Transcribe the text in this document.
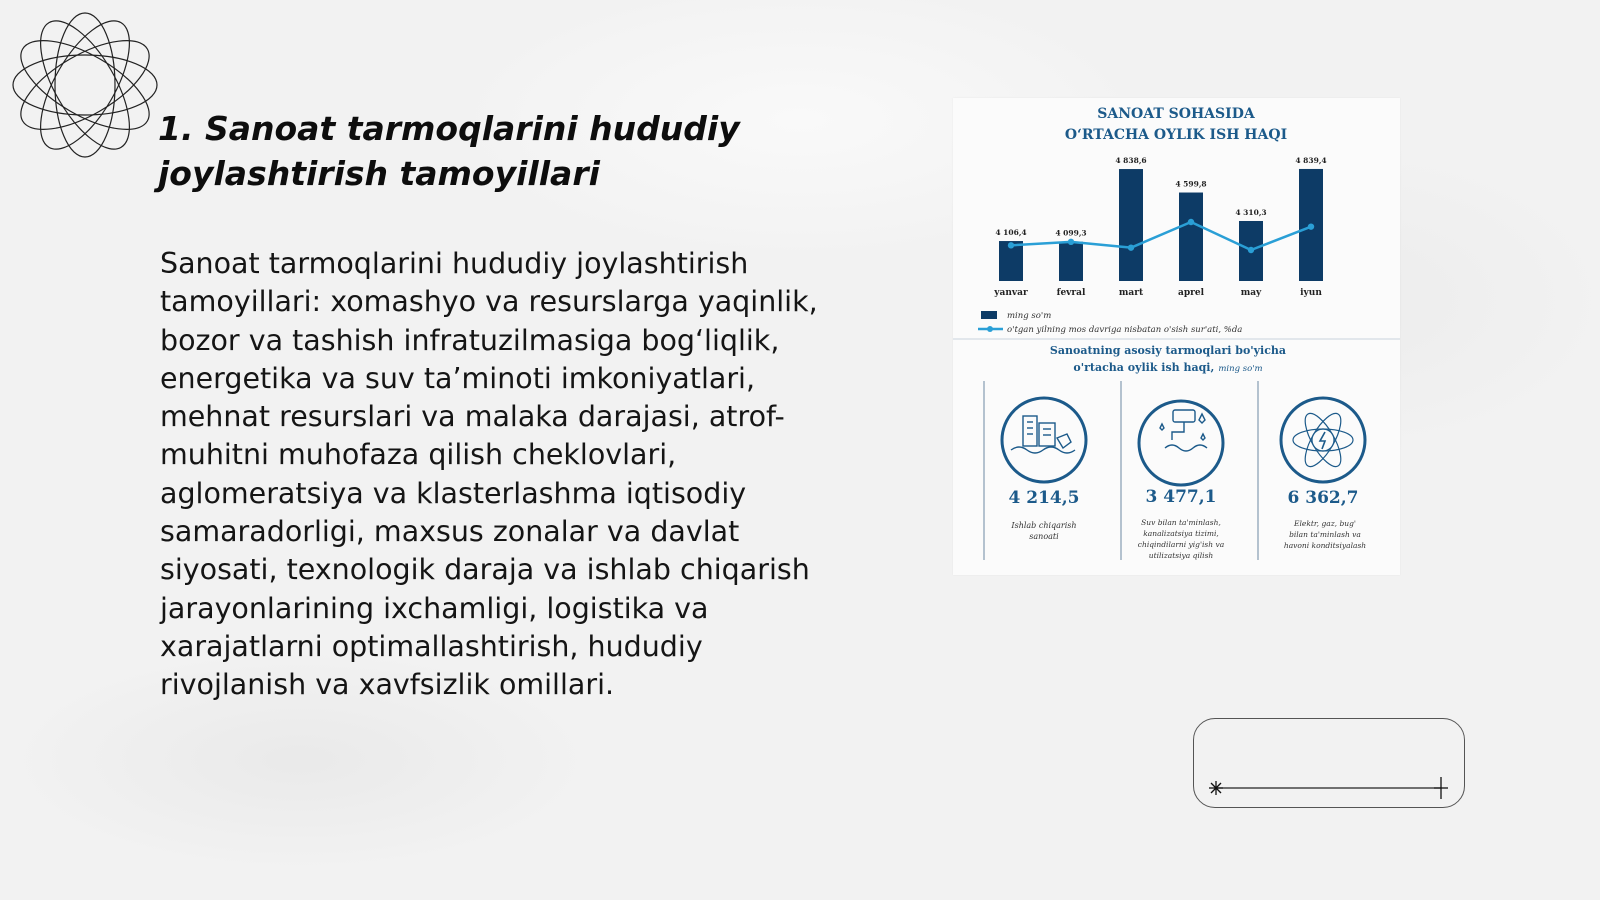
1. Sanoat tarmoqlarini hududiy joylashtirish tamoyillari
Sanoat tarmoqlarini hududiy joylashtirish tamoyillari: xomashyo va resurslarga yaqinlik, bozor va tashish infratuzilmasiga bog‘liqlik, energetika va suv ta’minoti imkoniyatlari, mehnat resurslari va malaka darajasi, atrof-muhitni muhofaza qilish cheklovlari, aglomeratsiya va klasterlashma iqtisodiy samaradorligi, maxsus zonalar va davlat siyosati, texnologik daraja va ishlab chiqarish jarayonlarining ixchamligi, logistika va xarajatlarni optimallashtirish, hududiy rivojlanish va xavfsizlik omillari.
SANOAT SOHASIDA
O‘RTACHA OYLIK ISH HAQI
4 106,4
yanvar
4 099,3
fevral
4 838,6
mart
4 599,8
aprel
4 310,3
may
4 839,4
iyun
ming so'm
o'tgan yilning mos davriga nisbatan o'sish sur'ati, %da
Sanoatning asosiy tarmoqlari bo'yicha
o'rtacha oylik ish haqi, ming so'm
4 214,5
Ishlab chiqarish
sanoati
3 477,1
Suv bilan ta'minlash,
kanalizatsiya tizimi,
chiqindilarni yig'ish va
utilizatsiya qilish
6 362,7
Elektr, gaz, bug'
bilan ta'minlash va
havoni konditsiyalash
